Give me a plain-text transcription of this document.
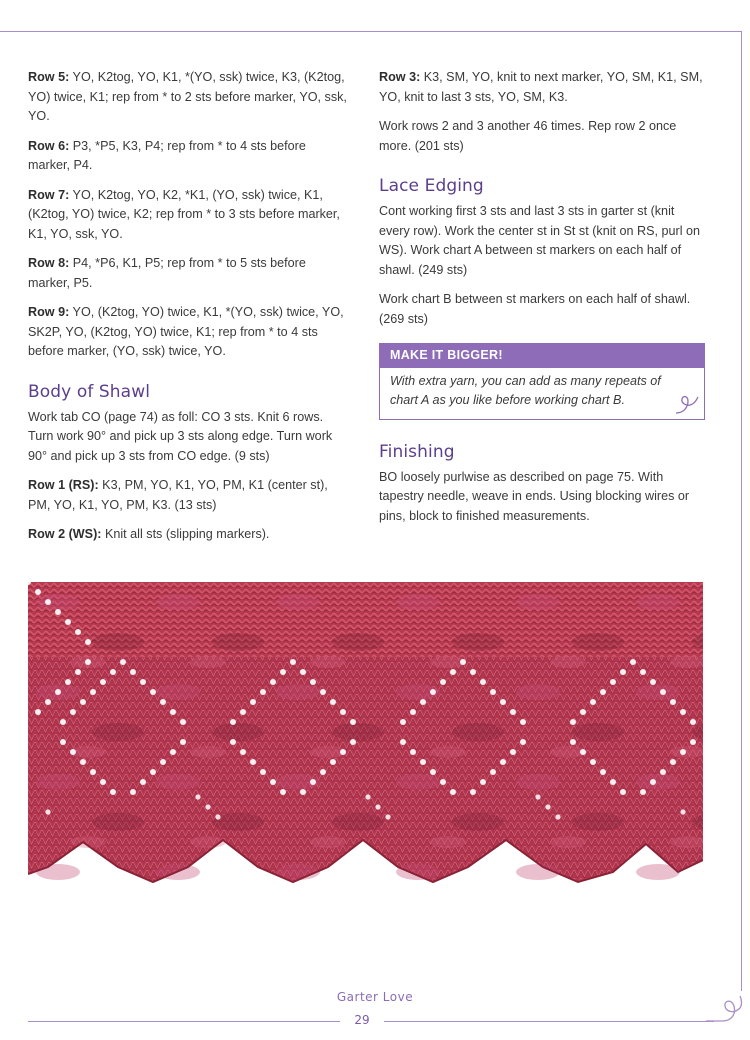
Row 5: YO, K2tog, YO, K1, *(YO, ssk) twice, K3, (K2tog, YO) twice, K1; rep from * to 2 sts before marker, YO, ssk, YO.

Row 6: P3, *P5, K3, P4; rep from * to 4 sts before marker, P4.

Row 7: YO, K2tog, YO, K2, *K1, (YO, ssk) twice, K1, (K2tog, YO) twice, K2; rep from * to 3 sts before marker, K1, YO, ssk, YO.

Row 8: P4, *P6, K1, P5; rep from * to 5 sts before marker, P5.

Row 9: YO, (K2tog, YO) twice, K1, *(YO, ssk) twice, YO, SK2P, YO, (K2tog, YO) twice, K1; rep from * to 4 sts before marker, (YO, ssk) twice, YO.

Body of Shawl

Work tab CO (page 74) as foll: CO 3 sts. Knit 6 rows. Turn work 90° and pick up 3 sts along edge. Turn work 90° and pick up 3 sts from CO edge. (9 sts)

Row 1 (RS): K3, PM, YO, K1, YO, PM, K1 (center st), PM, YO, K1, YO, PM, K3. (13 sts)

Row 2 (WS): Knit all sts (slipping markers).

Row 3: K3, SM, YO, knit to next marker, YO, SM, K1, SM, YO, knit to last 3 sts, YO, SM, K3.

Work rows 2 and 3 another 46 times. Rep row 2 once more. (201 sts)

Lace Edging

Cont working first 3 sts and last 3 sts in garter st (knit every row). Work the center st in St st (knit on RS, purl on WS). Work chart A between st markers on each half of shawl. (249 sts)

Work chart B between st markers on each half of shawl. (269 sts)

MAKE IT BIGGER!
With extra yarn, you can add as many repeats of chart A as you like before working chart B.
Finishing

BO loosely purlwise as described on page 75. With tapestry needle, weave in ends. Using blocking wires or pins, block to finished measurements.

Garter Love
29
